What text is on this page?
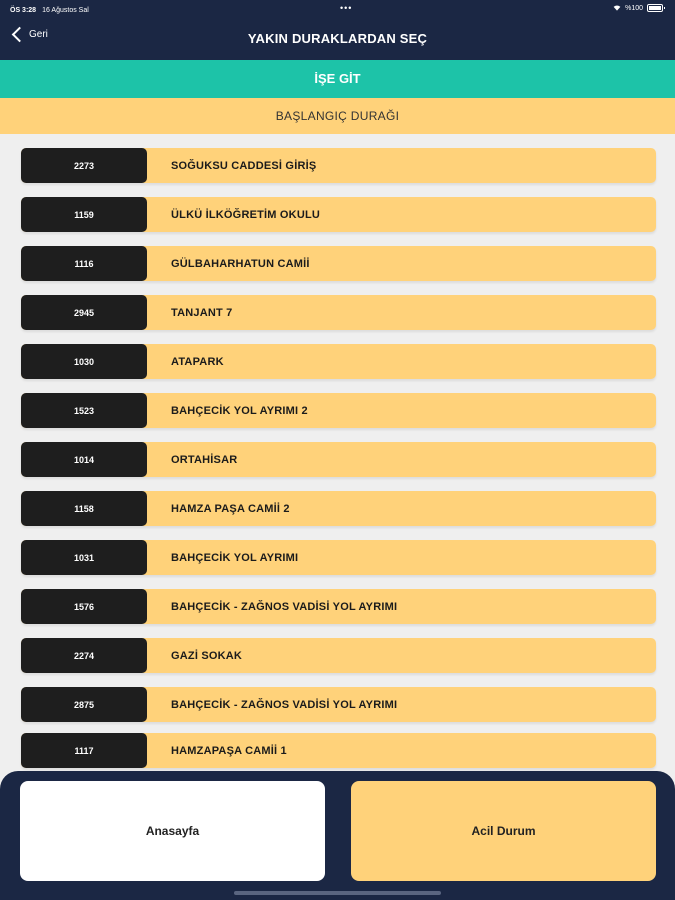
ÖS 3:28 16 Ağustos Sal	•••	%100
Geri	YAKIN DURAKLARDAN SEÇ
İŞE GİT
BAŞLANGIÇ DURAĞI
2273	SOĞUKSU CADDESİ GİRİŞ
1159	ÜLKÜ İLKÖĞRETİM OKULU
1116	GÜLBAHARHATUN CAMİİ
2945	TANJANT 7
1030	ATAPARK
1523	BAHÇECİK YOL AYRIMI 2
1014	ORTAHİSAR
1158	HAMZA PAŞA CAMİİ 2
1031	BAHÇECİK YOL AYRIMI
1576	BAHÇECİK - ZAĞNOS VADİSİ YOL AYRIMI
2274	GAZİ SOKAK
2875	BAHÇECİK - ZAĞNOS VADİSİ YOL AYRIMI
1117	HAMZAPAŞA CAMİİ 1
Anasayfa	Acil Durum
